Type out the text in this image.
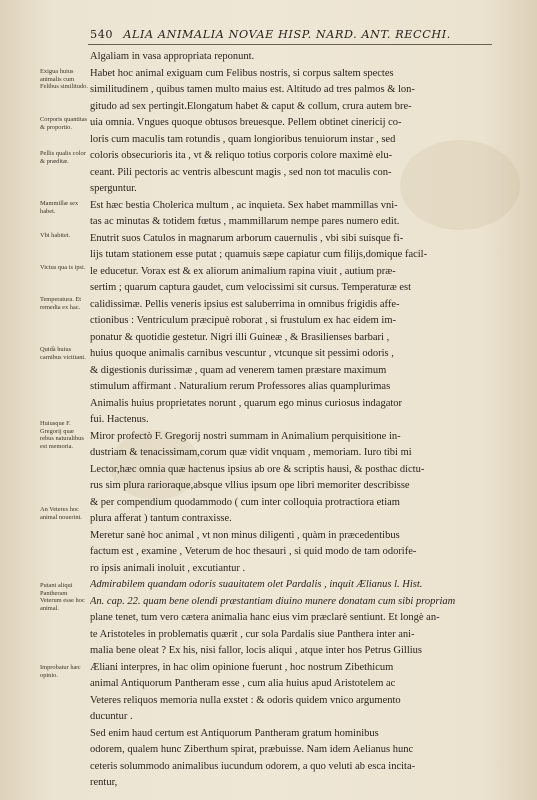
540 ALIA ANIMALIA NOVAE HISP. NARD. ANT. RECCHI.
Exigua huius animalis cum Felibus similitudo.
Corporis quantitas & proportio.
Pellis qualis color & præditæ.
Mammillæ sex habet.
Vbi habitet.
Victus qua is ipsi.
Temperatura. Et remedia ex hac.
Quidà huius carnibus victitant.
Huiusque F. Gregorij quæ rebus naturalibus est memoria.
An Veteres hoc animal nouerint.
Putant aliqui Pantheram Veterum esse hoc animal.
Improbatur hæc opinio.
Algaliam in vasa appropriata reponunt.
Habet hoc animal exiguam cum Felibus nostris, si corpus saltem spectes
similitudinem , quibus tamen multo maius est. Altitudo ad tres palmos & lon-
gitudo ad sex pertingit.Elongatum habet & caput & collum, crura autem bre-
uia omnia. Vngues quoque obtusos breuesque. Pellem obtinet cinericij co-
loris cum maculis tam rotundis , quam longioribus tenuiorum instar , sed
coloris obsecurioris ita , vt & reliquo totius corporis colore maximè elu-
ceant. Pili pectoris ac ventris albescunt magis , sed non tot maculis con-
sperguntur.
Est hæc bestia Cholerica multum , ac inquieta. Sex habet mammillas vni-
tas ac minutas & totidem fœtus , mammillarum nempe pares numero edit.
Enutrit suos Catulos in magnarum arborum cauernulis , vbi sibi suisque fi-
lijs tutam stationem esse putat ; quamuis sæpe capiatur cum filijs,domique facil-
le educetur. Vorax est & ex aliorum animalium rapina viuit , autium præ-
sertim ; quarum captura gaudet, cum velocissimi sit cursus. Temperaturæ est
calidissimæ. Pellis veneris ipsius est saluberrima in omnibus frigidis affe-
ctionibus : Ventriculum præcipuè roborat , si frustulum ex hac eidem im-
ponatur & quotidie gestetur. Nigri illi Guineæ , & Brasilienses barbari ,
huius quoque animalis carnibus vescuntur , vtcunque sit pessimi odoris ,
& digestionis durissimæ , quam ad venerem tamen præstare maximum
stimulum affirmant . Naturalium rerum Professores alias quamplurimas
Animalis huius proprietates norunt , quarum ego minus curiosus indagator
fui. Hactenus.
Miror profectò F. Gregorij nostri summam in Animalium perquisitione in-
dustriam & tenacissimam,corum quæ vidit vnquam , memoriam. Iuro tibi mi
Lector,hæc omnia quæ hactenus ipsius ab ore & scriptis hausi, & posthac dictu-
rus sim plura rarioraque,absque vllius ipsum ope libri memoriter describisse
& per compendium quodammodo ( cum inter colloquia protractiora etiam
plura afferat ) tantum contraxisse.
Meretur sanè hoc animal , vt non minus diligenti , quàm in præcedentibus
factum est , examine , Veterum de hoc thesauri , si quid modo de tam odorife-
ro ipsis animali inoluit , excutiantur .
Admirabilem quandam odoris suauitatem olet Pardalis , inquit Ælianus l. Hist.
An. cap. 22. quam bene olendi præstantiam diuino munere donatam cum sibi propriam
plane tenet, tum vero cætera animalia hanc eius vim præclarè sentiunt. Et longè an-
te Aristoteles in problematis quærit , cur sola Pardalis siue Panthera inter ani-
malia bene oleat ? Ex his, nisi fallor, locis aliqui , atque inter hos Petrus Gillius
Æliani interpres, in hac olim opinione fuerunt , hoc nostrum Zibethicum
animal Antiquorum Pantheram esse , cum alia huius apud Aristotelem ac
Veteres reliquos memoria nulla exstet : & odoris quidem vnico argumento
ducuntur .
Sed enim haud certum est Antiquorum Pantheram gratum hominibus
odorem, qualem hunc Ziberthum spirat, præbuisse. Nam idem Aelianus hunc
ceteris solummodo animalibus iucundum odorem, a quo veluti ab esca incita-
rentur,
